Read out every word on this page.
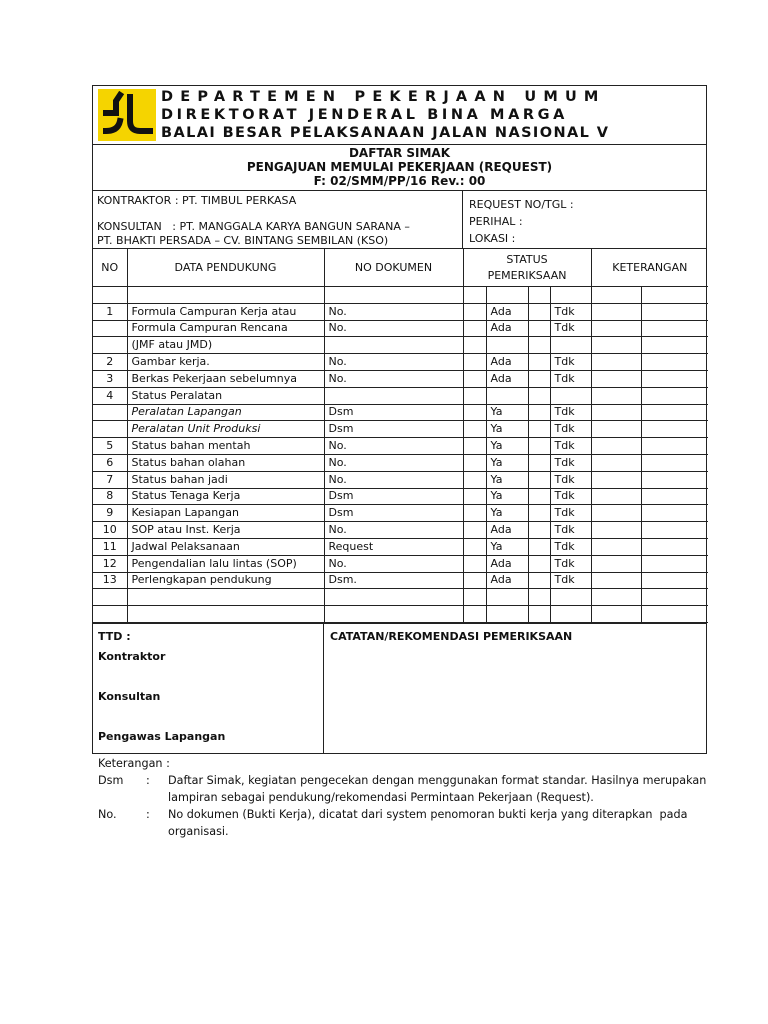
DEPARTEMEN PEKERJAAN UMUM
DIREKTORAT JENDERAL BINA MARGA
BALAI BESAR PELAKSANAAN JALAN NASIONAL V
DAFTAR SIMAK
PENGAJUAN MEMULAI PEKERJAAN (REQUEST)
F: 02/SMM/PP/16 Rev.: 00
KONTRAKTOR : PT. TIMBUL PERKASA
KONSULTAN   : PT. MANGGALA KARYA BANGUN SARANA –
PT. BHAKTI PERSADA – CV. BINTANG SEMBILAN (KSO)
REQUEST NO/TGL :
PERIHAL :
LOKASI :
NO	DATA PENDUKUNG	NO DOKUMEN	STATUS PEMERIKSAAN				KETERANGAN	

1	Formula Campuran Kerja atau	No.		Ada		Tdk		
	Formula Campuran Rencana	No.		Ada		Tdk		
	(JMF atau JMD)							
2	Gambar kerja.	No.		Ada		Tdk		
3	Berkas Pekerjaan sebelumnya	No.		Ada		Tdk		
4	Status Peralatan							
	Peralatan Lapangan	Dsm		Ya		Tdk		
	Peralatan Unit Produksi	Dsm		Ya		Tdk		
5	Status bahan mentah	No.		Ya		Tdk		
6	Status bahan olahan	No.		Ya		Tdk		
7	Status bahan jadi	No.		Ya		Tdk		
8	Status Tenaga Kerja	Dsm		Ya		Tdk		
9	Kesiapan Lapangan	Dsm		Ya		Tdk		
10	SOP atau Inst. Kerja	No.		Ada		Tdk		
11	Jadwal Pelaksanaan	Request		Ya		Tdk		
12	Pengendalian lalu lintas (SOP)	No.		Ada		Tdk		
13	Perlengkapan pendukung	Dsm.		Ada		Tdk		

TTD :
Kontraktor
Konsultan
Pengawas Lapangan
CATATAN/REKOMENDASI PEMERIKSAAN
Keterangan :
Dsm	:	Daftar Simak, kegiatan pengecekan dengan menggunakan format standar. Hasilnya merupakan
lampiran sebagai pendukung/rekomendasi Permintaan Pekerjaan (Request).
No.	:	No dokumen (Bukti Kerja), dicatat dari system penomoran bukti kerja yang diterapkan  pada
organisasi.
